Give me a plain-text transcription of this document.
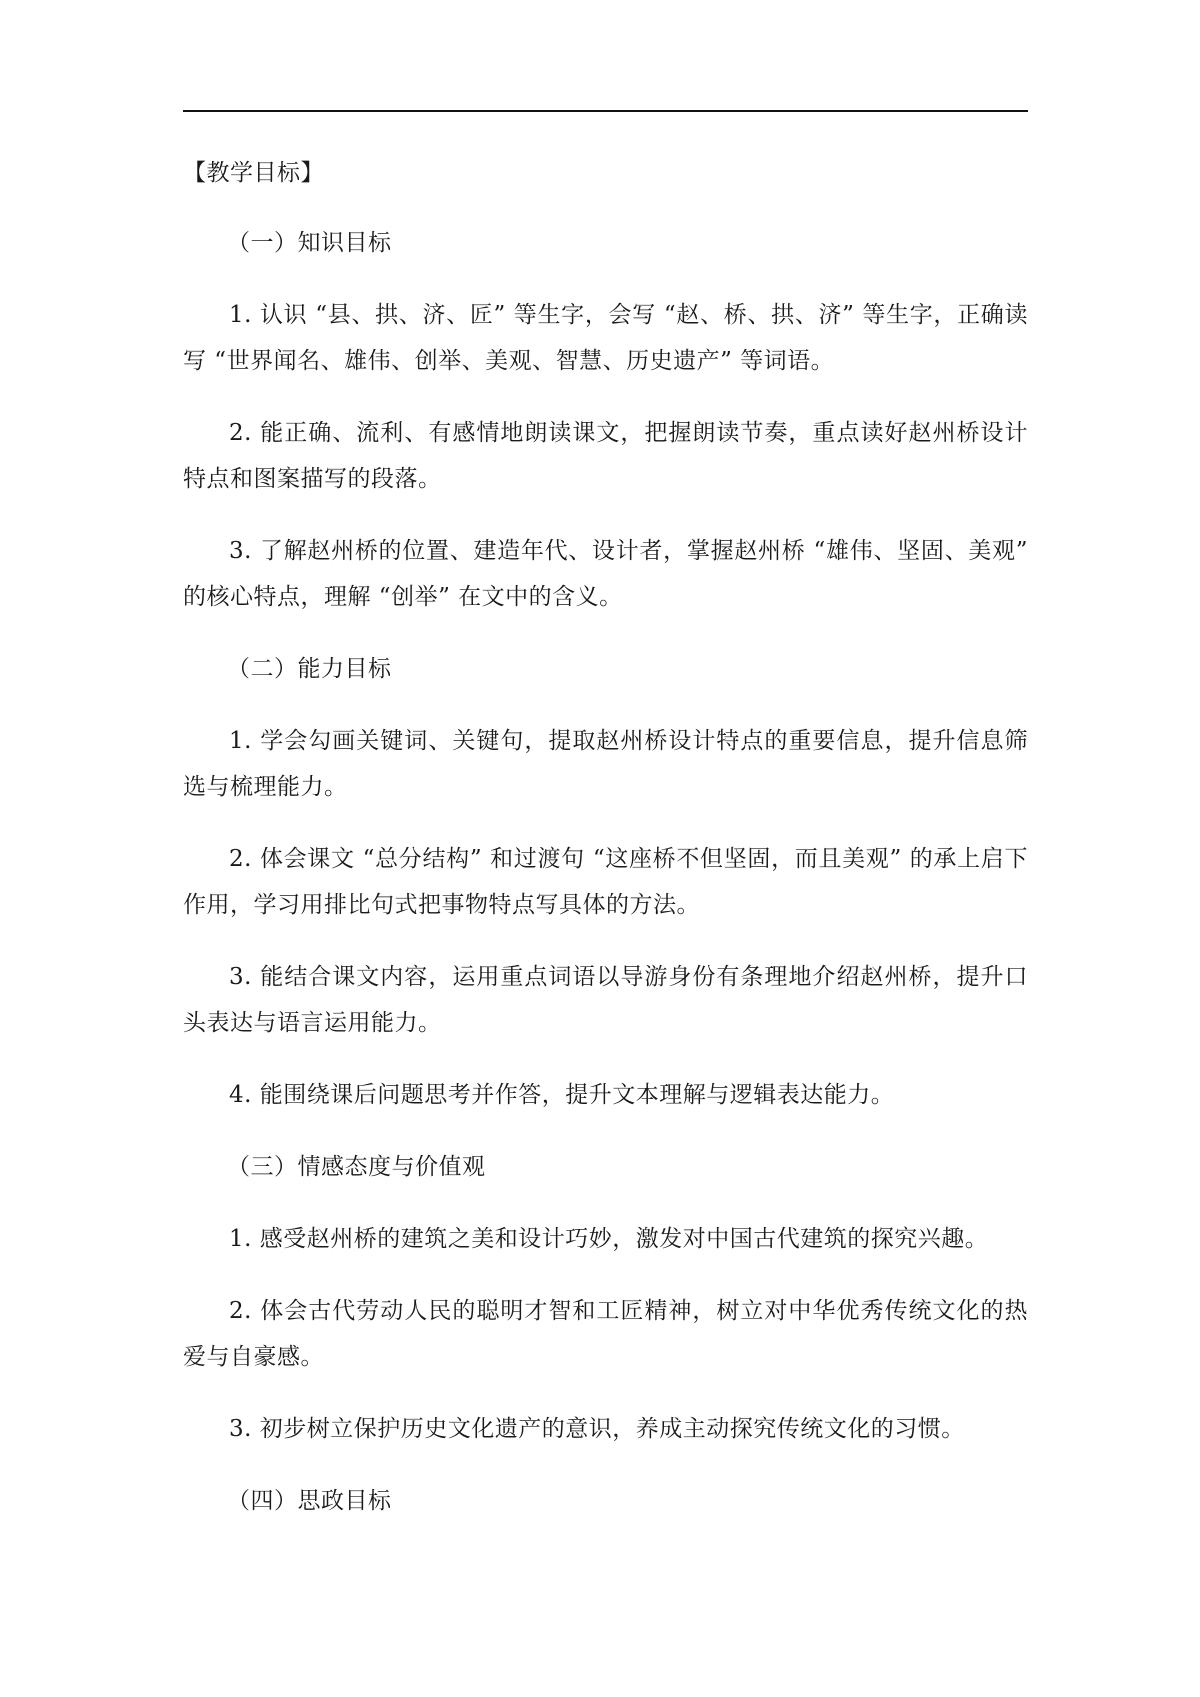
【教学目标】
（一）知识目标
1. 认识 “县、拱、济、匠” 等生字，会写 “赵、桥、拱、济” 等生字，正确读写 “世界闻名、雄伟、创举、美观、智慧、历史遗产” 等词语。
2. 能正确、流利、有感情地朗读课文，把握朗读节奏，重点读好赵州桥设计特点和图案描写的段落。
3. 了解赵州桥的位置、建造年代、设计者，掌握赵州桥 “雄伟、坚固、美观” 的核心特点，理解 “创举” 在文中的含义。
（二）能力目标
1. 学会勾画关键词、关键句，提取赵州桥设计特点的重要信息，提升信息筛选与梳理能力。
2. 体会课文 “总分结构” 和过渡句 “这座桥不但坚固，而且美观” 的承上启下作用，学习用排比句式把事物特点写具体的方法。
3. 能结合课文内容，运用重点词语以导游身份有条理地介绍赵州桥，提升口头表达与语言运用能力。
4. 能围绕课后问题思考并作答，提升文本理解与逻辑表达能力。
（三）情感态度与价值观
1. 感受赵州桥的建筑之美和设计巧妙，激发对中国古代建筑的探究兴趣。
2. 体会古代劳动人民的聪明才智和工匠精神，树立对中华优秀传统文化的热爱与自豪感。
3. 初步树立保护历史文化遗产的意识，养成主动探究传统文化的习惯。
（四）思政目标
